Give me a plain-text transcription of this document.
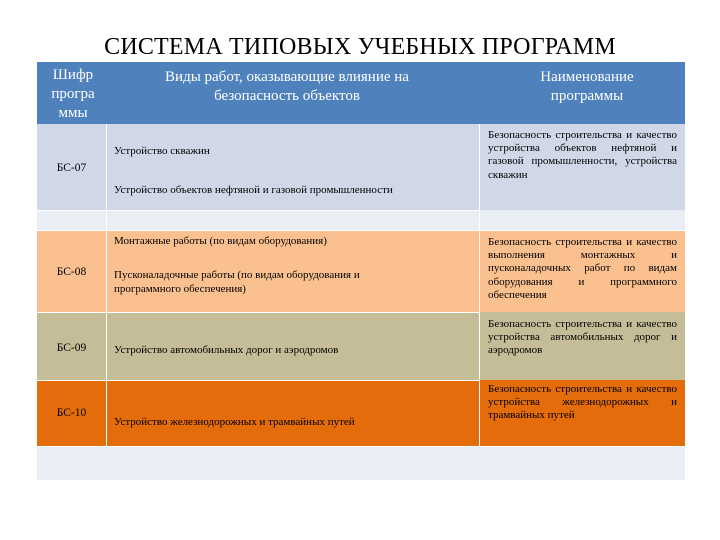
СИСТЕМА ТИПОВЫХ УЧЕБНЫХ ПРОГРАММ
Шифр програ ммы
Виды работ, оказывающие влияние на безопасность объектов
Наименование программы
БС-07
Устройство скважин
Устройство объектов нефтяной и газовой промышленности
Безопасность строительства и качество устройства объектов нефтяной и газовой промышленности, устройства скважин
БС-08
Монтажные работы (по видам оборудования)
Пусконаладочные работы (по видам оборудования и программного обеспечения)
Безопасность строительства и качество выполнения монтажных и пусконаладочных работ по видам оборудования и программного обеспечения
БС-09	Устройство автомобильных дорог и аэродромов
Безопасность строительства и качество устройства автомобильных дорог и аэродромов
БС-10
Устройство железнодорожных и трамвайных путей
Безопасность строительства и качество устройства железнодорожных и трамвайных путей
